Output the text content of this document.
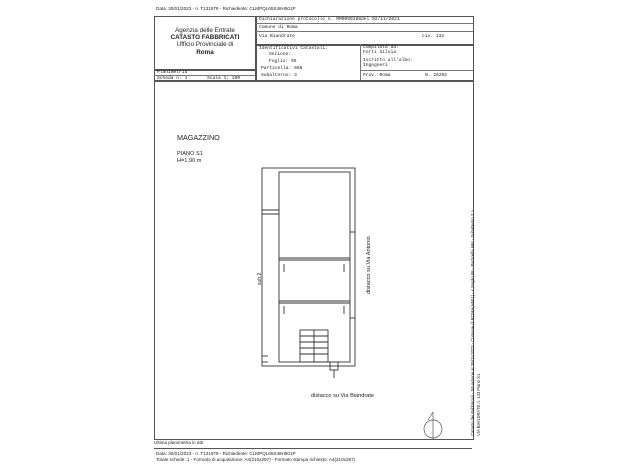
Data: 30/01/2023 - n. T131979 - Richiedente: CLMPQL65S48H501P
Agenzia delle Entrate
CATASTO FABBRICATI
Ufficio Provinciale di
Roma
Dichiarazione protocollo n. RM0090188del 02/11/2021
Comune di Roma
Via Biandrate	civ. 133
Identificativi Catastali:
Sezione:
Foglio: 95
Particella: 686
Subalterno: 3
Compilata da:
Forti Silvia
Iscritto all'albo:
Ingegneri
Prov. Roma	N. 26202
Planimetria
Scheda n. 1	Scala 1: 100
MAGAZZINO
PIANO S1
H=1,90 m
sub.2	distacco su Via Antonio
distacco su Via Biandrate	Catasto dei Fabbricati - Situazione al 30/01/2023 - Comune di ROMA(H501) - < Foglio 95 - Particella 686 - Subalterno 3 > VIA BIANDRATE n. 133 Piano S1
Ultima planimetria in atti
Data: 30/01/2023 - n. T131979 - Richiedente: CLMPQL65S48H501P
Totale schede: 1 - Formato di acquisizione: A4(210x297) - Formato stampa richiesto: A4(210x297)
